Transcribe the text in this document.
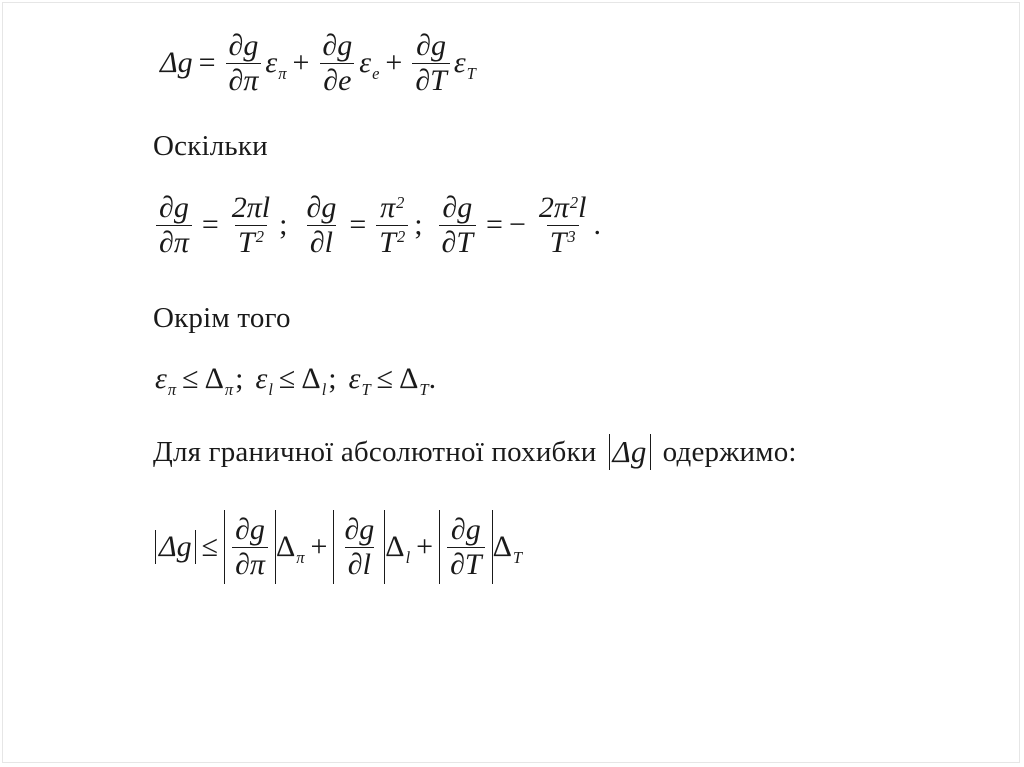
$\Delta g = \frac{\partial g}{\partial\pi} \varepsilon_\pi + \frac{\partial g}{\partial e} \varepsilon_e + \frac{\partial g}{\partial T} \varepsilon_T$
Оскільки
$\frac{\partial g}{\partial\pi} = \frac{2\pi l}{T^2}$ ; $\frac{\partial g}{\partial l} = \frac{\pi^2}{T^2}$ ; $\frac{\partial g}{\partial T}$ = − $\frac{2\pi^2l}{T^3}$ .
Окрім того
$\varepsilon_\pi \le \Delta_\pi$ ; $\varepsilon_l \le \Delta_l$ ; $\varepsilon_T \le \Delta_T$ .
Для граничної абсолютної похибки Δg одержимо:
$\Delta g \le \frac{\partial g}{\partial\pi} \Delta_\pi + \frac{\partial g}{\partial l} \Delta_l + \frac{\partial g}{\partial T} \Delta_T$
